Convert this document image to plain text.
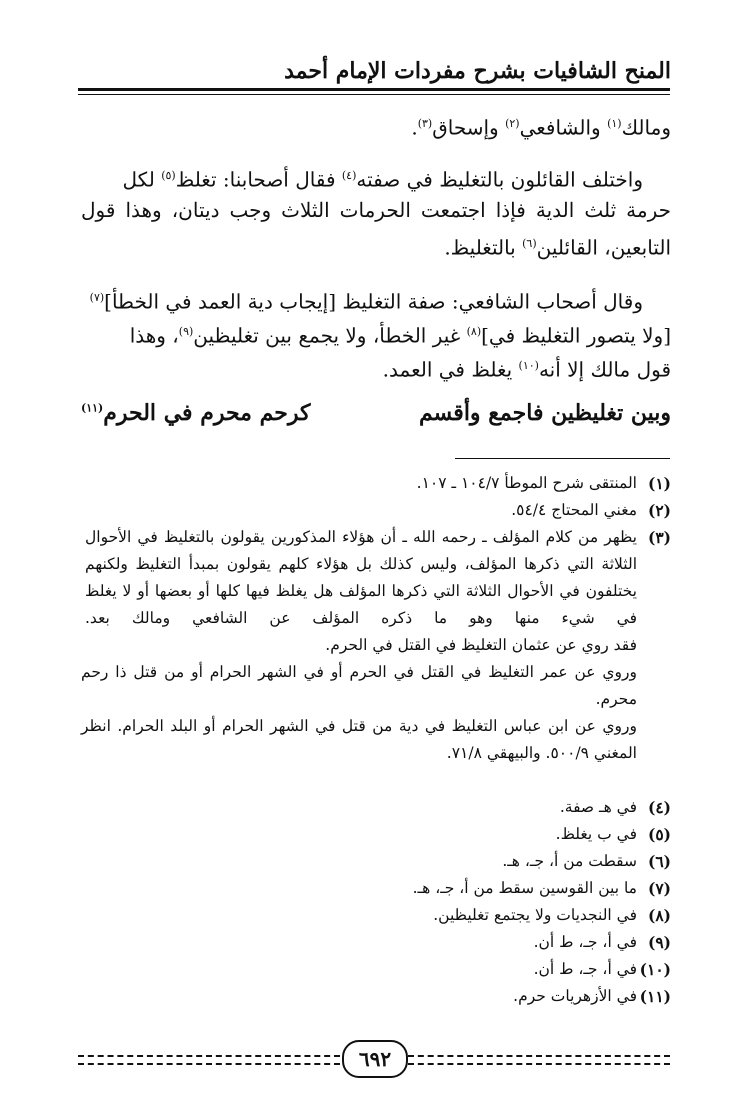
المنح الشافيات بشرح مفردات الإمام أحمد
ومالك$^{(١)}$ والشافعي$^{(٢)}$ وإسحاق$^{(٣)}$.
واختلف القائلون بالتغليظ في صفته$^{(٤)}$ فقال أصحابنا: تغلظ$^{(٥)}$ لكل
حرمة ثلث الدية فإذا اجتمعت الحرمات الثلاث وجب ديتان، وهذا قول
التابعين، القائلين$^{(٦)}$ بالتغليظ.
وقال أصحاب الشافعي: صفة التغليظ [إيجاب دية العمد في الخطأ]$^{(٧)}$
[ولا يتصور التغليظ في]$^{(٨)}$ غير الخطأ، ولا يجمع بين تغليظين$^{(٩)}$، وهذا
قول مالك إلا أنه$^{(١٠)}$ يغلظ في العمد.
وبين تغليظين فاجمع وأقسم
كرحم محرم في الحرم$^{(١١)}$
(١)المنتقى شرح الموطأ ١٠٤/٧ ـ ١٠٧.
(٢)مغني المحتاج ٥٤/٤.
(٣)يظهر من كلام المؤلف ـ رحمه الله ـ أن هؤلاء المذكورين يقولون بالتغليظ في الأحوال الثلاثة التي ذكرها المؤلف، وليس كذلك بل هؤلاء كلهم يقولون بمبدأ التغليظ ولكنهم يختلفون في الأحوال الثلاثة التي ذكرها المؤلف هل يغلظ فيها كلها أو بعضها أو لا يغلظ في شيء منها وهو ما ذكره المؤلف عن الشافعي ومالك بعد.
فقد روي عن عثمان التغليظ في القتل في الحرم.
وروي عن عمر التغليظ في القتل في الحرم أو في الشهر الحرام أو من قتل ذا رحم محرم.
وروي عن ابن عباس التغليظ في دية من قتل في الشهر الحرام أو البلد الحرام. انظر المغني ٥٠٠/٩. والبيهقي ٧١/٨.
(٤)في هـ صفة.
(٥)في ب يغلظ.
(٦)سقطت من أ، جـ، هـ.
(٧)ما بين القوسين سقط من أ، جـ، هـ.
(٨)في النجديات ولا يجتمع تغليظين.
(٩)في أ، جـ، ط أن.
(١٠)في أ، جـ، ط أن.
(١١)في الأزهريات حرم.
٦٩٢
